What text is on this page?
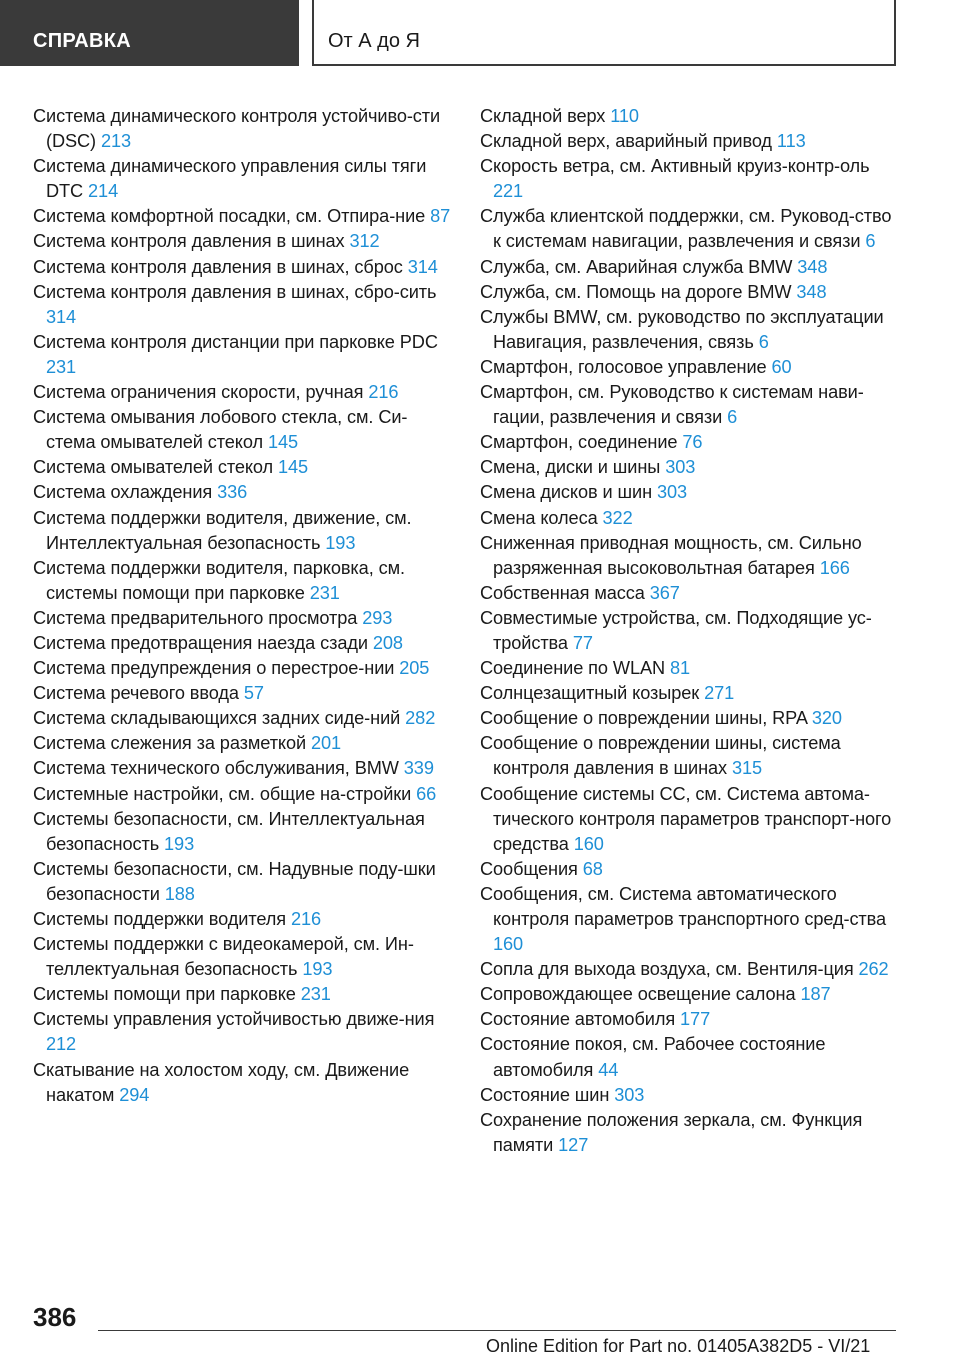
СПРАВКА	От А до Я
Система динамического контроля устойчиво-сти (DSC) 213
Система динамического управления силы тяги DTC 214
Система комфортной посадки, см. Отпира-ние 87
Система контроля давления в шинах 312
Система контроля давления в шинах, сброс 314
Система контроля давления в шинах, сбро-сить 314
Система контроля дистанции при парковке PDC 231
Система ограничения скорости, ручная 216
Система омывания лобового стекла, см. Си-стема омывателей стекол 145
Система омывателей стекол 145
Система охлаждения 336
Система поддержки водителя, движение, см. Интеллектуальная безопасность 193
Система поддержки водителя, парковка, см. системы помощи при парковке 231
Система предварительного просмотра 293
Система предотвращения наезда сзади 208
Система предупреждения о перестрое-нии 205
Система речевого ввода 57
Система складывающихся задних сиде-ний 282
Система слежения за разметкой 201
Система технического обслуживания, BMW 339
Системные настройки, см. общие на-стройки 66
Системы безопасности, см. Интеллектуальная безопасность 193
Системы безопасности, см. Надувные поду-шки безопасности 188
Системы поддержки водителя 216
Системы поддержки с видеокамерой, см. Ин-теллектуальная безопасность 193
Системы помощи при парковке 231
Системы управления устойчивостью движе-ния 212
Скатывание на холостом ходу, см. Движение накатом 294
Складной верх 110
Складной верх, аварийный привод 113
Скорость ветра, см. Активный круиз-контр-оль 221
Служба клиентской поддержки, см. Руковод-ство к системам навигации, развлечения и связи 6
Служба, см. Аварийная служба BMW 348
Служба, см. Помощь на дороге BMW 348
Службы BMW, см. руководство по эксплуатации Навигация, развлечения, связь 6
Смартфон, голосовое управление 60
Смартфон, см. Руководство к системам нави-гации, развлечения и связи 6
Смартфон, соединение 76
Смена, диски и шины 303
Смена дисков и шин 303
Смена колеса 322
Сниженная приводная мощность, см. Сильно разряженная высоковольтная батарея 166
Собственная масса 367
Совместимые устройства, см. Подходящие ус-тройства 77
Соединение по WLAN 81
Солнцезащитный козырек 271
Сообщение о повреждении шины, RPA 320
Сообщение о повреждении шины, система контроля давления в шинах 315
Сообщение системы CC, см. Система автома-тического контроля параметров транспорт-ного средства 160
Сообщения 68
Сообщения, см. Система автоматического контроля параметров транспортного сред-ства 160
Сопла для выхода воздуха, см. Вентиля-ция 262
Сопровождающее освещение салона 187
Состояние автомобиля 177
Состояние покоя, см. Рабочее состояние автомобиля 44
Состояние шин 303
Сохранение положения зеркала, см. Функция памяти 127
386
Online Edition for Part no. 01405A382D5 - VI/21
